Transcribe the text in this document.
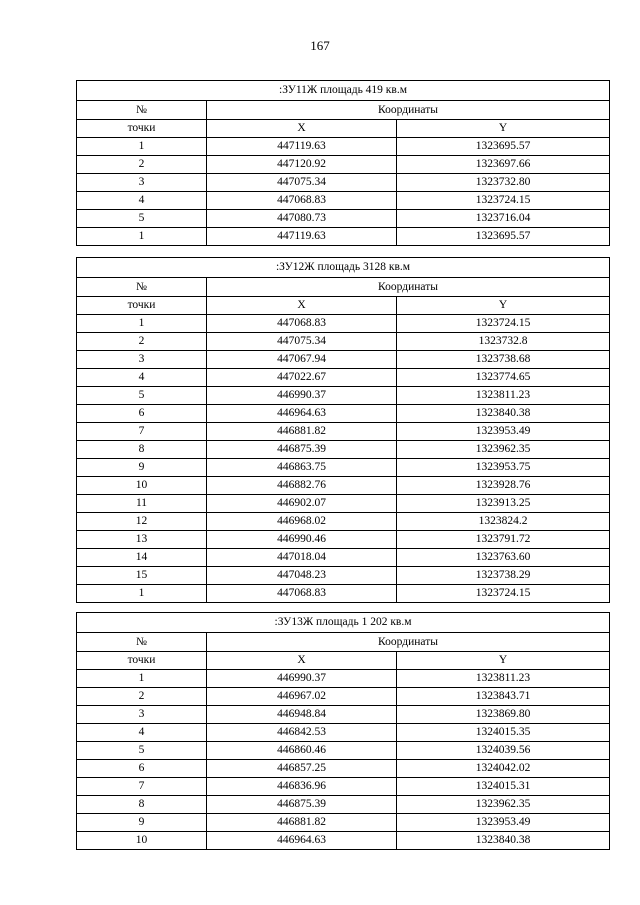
167
:ЗУ11Ж площадь 419 кв.м		
№	Координаты	
точки	X	Y
1	447119.63	1323695.57
2	447120.92	1323697.66
3	447075.34	1323732.80
4	447068.83	1323724.15
5	447080.73	1323716.04
1	447119.63	1323695.57
:ЗУ12Ж площадь 3128 кв.м		
№	Координаты	
точки	X	Y
1	447068.83	1323724.15
2	447075.34	1323732.8
3	447067.94	1323738.68
4	447022.67	1323774.65
5	446990.37	1323811.23
6	446964.63	1323840.38
7	446881.82	1323953.49
8	446875.39	1323962.35
9	446863.75	1323953.75
10	446882.76	1323928.76
11	446902.07	1323913.25
12	446968.02	1323824.2
13	446990.46	1323791.72
14	447018.04	1323763.60
15	447048.23	1323738.29
1	447068.83	1323724.15
:ЗУ13Ж площадь 1 202 кв.м		
№	Координаты	
точки	X	Y
1	446990.37	1323811.23
2	446967.02	1323843.71
3	446948.84	1323869.80
4	446842.53	1324015.35
5	446860.46	1324039.56
6	446857.25	1324042.02
7	446836.96	1324015.31
8	446875.39	1323962.35
9	446881.82	1323953.49
10	446964.63	1323840.38
